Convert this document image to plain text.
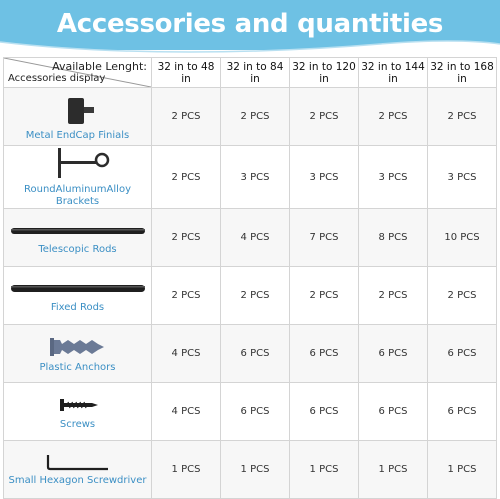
Accessories and quantities
Available Lenght:
Accessories display	32 in to 48 in	32 in to 84 in	32 in to 120 in	32 in to 144 in	32 in to 168 in

Metal EndCap Finials	2 PCS	2 PCS	2 PCS	2 PCS	2 PCS

RoundAluminumAlloy Brackets	2 PCS	3 PCS	3 PCS	3 PCS	3 PCS

Telescopic Rods	2 PCS	4 PCS	7 PCS	8 PCS	10 PCS

Fixed Rods	2 PCS	2 PCS	2 PCS	2 PCS	2 PCS

Plastic Anchors	4 PCS	6 PCS	6 PCS	6 PCS	6 PCS

Screws	4 PCS	6 PCS	6 PCS	6 PCS	6 PCS

Small Hexagon Screwdriver	1 PCS	1 PCS	1 PCS	1 PCS	1 PCS
